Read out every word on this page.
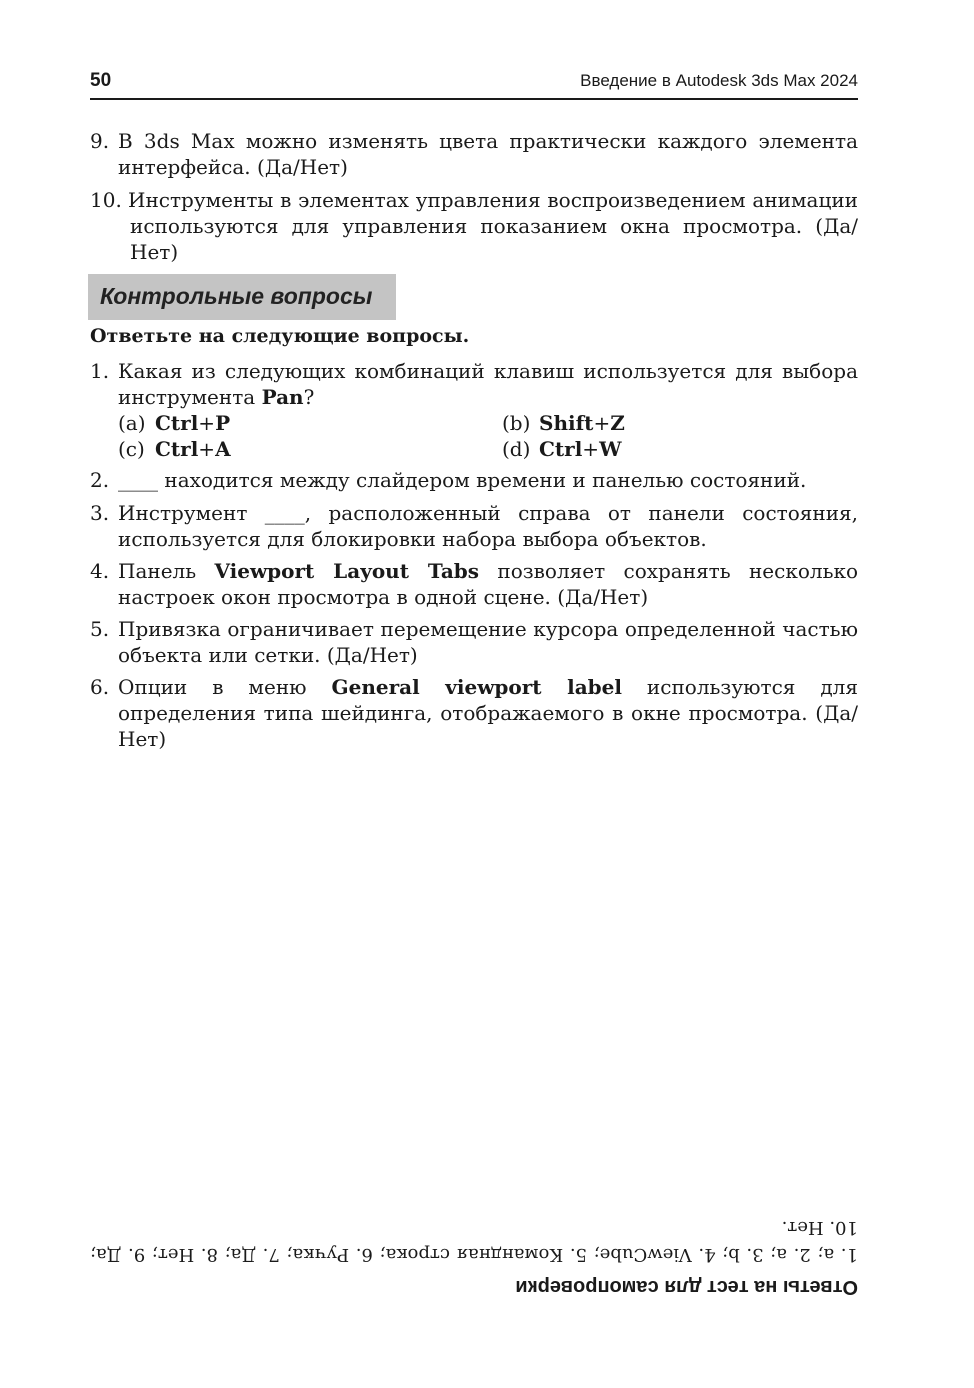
50	Введение в Autodesk 3ds Max 2024
9. В 3ds Max можно изменять цвета практически каждого элемента интерфейса. (Да/Нет)
10. Инструменты в элементах управления воспроизведением анимации используются для управления показанием окна просмотра. (Да/Нет)
Контрольные вопросы
Ответьте на следующие вопросы.
1. Какая из следующих комбинаций клавиш используется для выбора инструмента Pan?
(a) Ctrl+P	(b) Shift+Z
(c) Ctrl+A	(d) Ctrl+W
2. ____ находится между слайдером времени и панелью состояний.
3. Инструмент ____, расположенный справа от панели состояния, используется для блокировки набора выбора объектов.
4. Панель Viewport Layout Tabs позволяет сохранять несколько настроек окон просмотра в одной сцене. (Да/Нет)
5. Привязка ограничивает перемещение курсора определенной частью объекта или сетки. (Да/Нет)
6. Опции в меню General viewport label используются для определения типа шейдинга, отображаемого в окне просмотра. (Да/Нет)
Ответы на тест для самопроверки
1. a; 2. a; 3. b; 4. ViewCube; 5. Командная строка; 6. Ручка; 7. Да; 8. Нет; 9. Да; 10. Нет.
